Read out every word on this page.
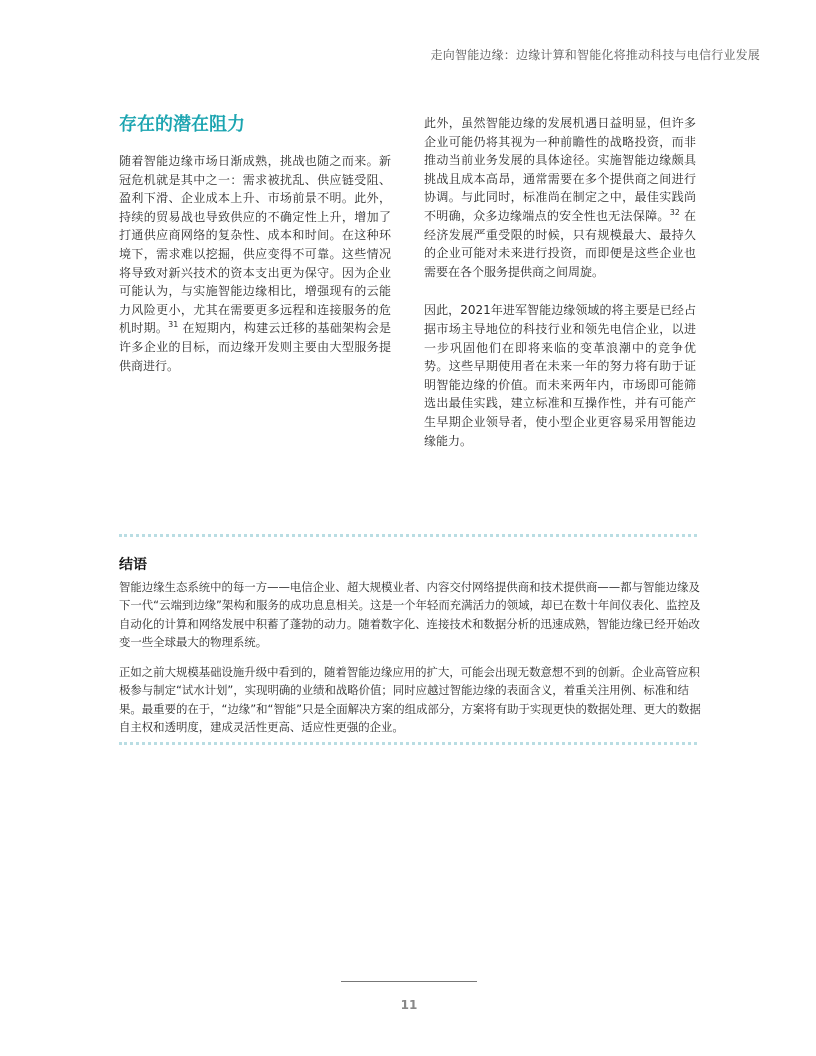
走向智能边缘：边缘计算和智能化将推动科技与电信行业发展
存在的潜在阻力

随着智能边缘市场日渐成熟，挑战也随之而来。新冠危机就是其中之一：需求被扰乱、供应链受阻、盈利下滑、企业成本上升、市场前景不明。此外，持续的贸易战也导致供应的不确定性上升，增加了打通供应商网络的复杂性、成本和时间。在这种环境下，需求难以挖掘，供应变得不可靠。这些情况将导致对新兴技术的资本支出更为保守。因为企业可能认为，与实施智能边缘相比，增强现有的云能力风险更小，尤其在需要更多远程和连接服务的危机时期。$^{31}$ 在短期内，构建云迁移的基础架构会是许多企业的目标，而边缘开发则主要由大型服务提供商进行。

此外，虽然智能边缘的发展机遇日益明显，但许多企业可能仍将其视为一种前瞻性的战略投资，而非推动当前业务发展的具体途径。实施智能边缘颇具挑战且成本高昂，通常需要在多个提供商之间进行协调。与此同时，标准尚在制定之中，最佳实践尚不明确，众多边缘端点的安全性也无法保障。$^{32}$ 在经济发展严重受限的时候，只有规模最大、最持久的企业可能对未来进行投资，而即便是这些企业也需要在各个服务提供商之间周旋。

因此，2021年进军智能边缘领域的将主要是已经占据市场主导地位的科技行业和领先电信企业，以进一步巩固他们在即将来临的变革浪潮中的竞争优势。这些早期使用者在未来一年的努力将有助于证明智能边缘的价值。而未来两年内，市场即可能筛选出最佳实践，建立标准和互操作性，并有可能产生早期企业领导者，使小型企业更容易采用智能边缘能力。

结语

智能边缘生态系统中的每一方——电信企业、超大规模业者、内容交付网络提供商和技术提供商——都与智能边缘及下一代“云端到边缘”架构和服务的成功息息相关。这是一个年轻而充满活力的领域，却已在数十年间仪表化、监控及自动化的计算和网络发展中积蓄了蓬勃的动力。随着数字化、连接技术和数据分析的迅速成熟，智能边缘已经开始改变一些全球最大的物理系统。

正如之前大规模基础设施升级中看到的，随着智能边缘应用的扩大，可能会出现无数意想不到的创新。企业高管应积极参与制定“试水计划”，实现明确的业绩和战略价值；同时应越过智能边缘的表面含义，着重关注用例、标准和结果。最重要的在于，“边缘”和“智能”只是全面解决方案的组成部分，方案将有助于实现更快的数据处理、更大的数据自主权和透明度，建成灵活性更高、适应性更强的企业。

11
